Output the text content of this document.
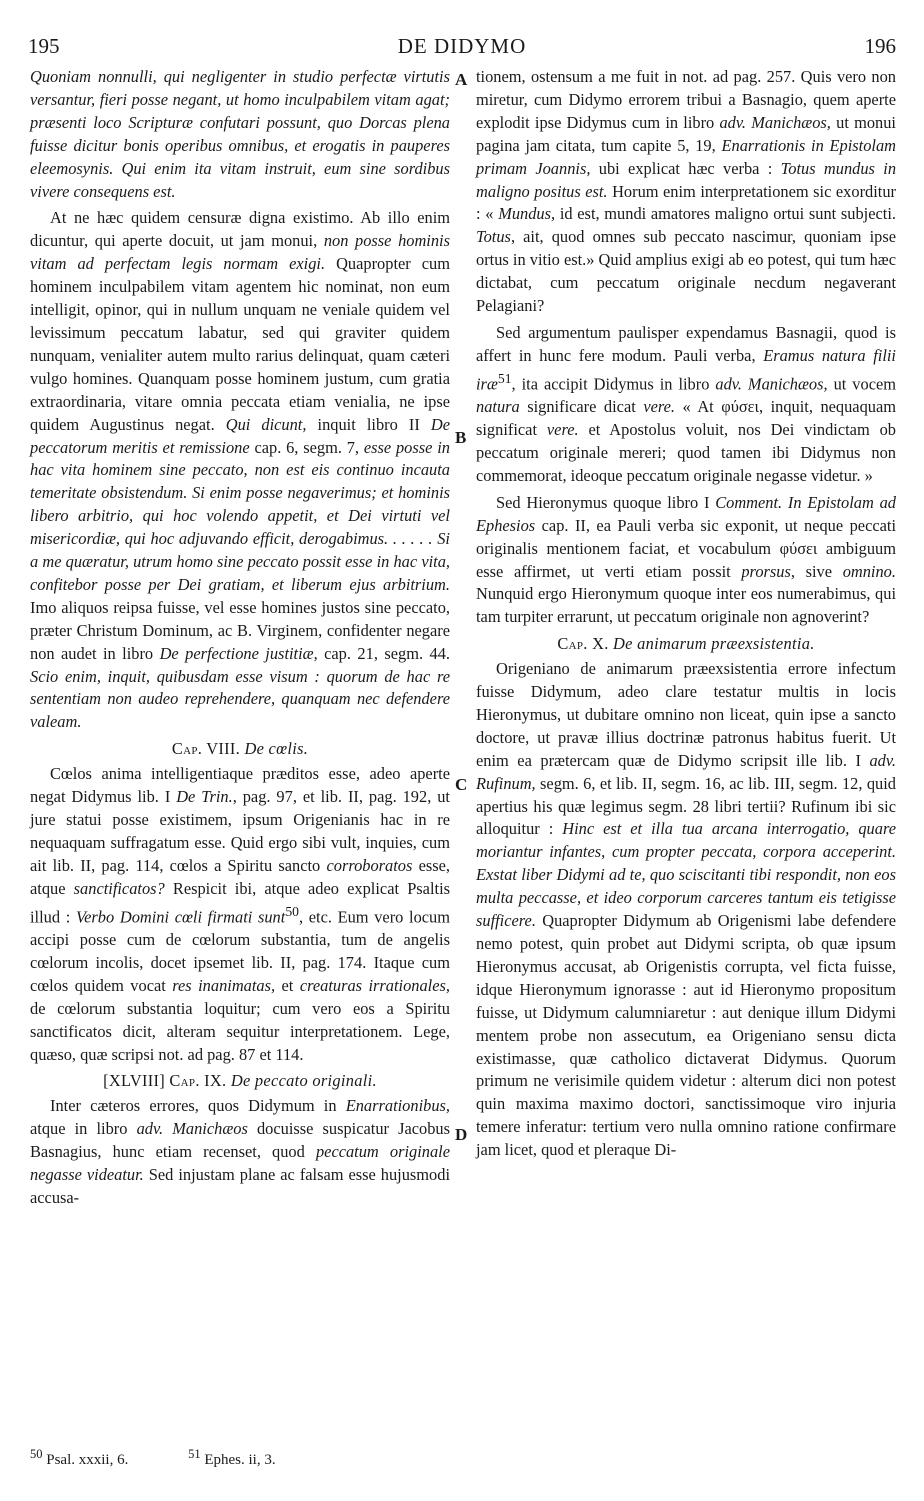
195	DE DIDYMO	196
A
B
C
D

Quoniam nonnulli, qui negligenter in studio perfectæ virtutis versantur, fieri posse negant, ut homo inculpabilem vitam agat; præsenti loco Scripturæ confutari possunt, quo Dorcas plena fuisse dicitur bonis operibus omnibus, et erogatis in pauperes eleemosynis. Qui enim ita vitam instruit, eum sine sordibus vivere consequens est.

At ne hæc quidem censuræ digna existimo. Ab illo enim dicuntur, qui aperte docuit, ut jam monui, non posse hominis vitam ad perfectam legis normam exigi. Quapropter cum hominem inculpabilem vitam agentem hic nominat, non eum intelligit, opinor, qui in nullum unquam ne veniale quidem vel levissimum peccatum labatur, sed qui graviter quidem nunquam, venialiter autem multo rarius delinquat, quam cæteri vulgo homines. Quanquam posse hominem justum, cum gratia extraordinaria, vitare omnia peccata etiam venialia, ne ipse quidem Augustinus negat. Qui dicunt, inquit libro II De peccatorum meritis et remissione cap. 6, segm. 7, esse posse in hac vita hominem sine peccato, non est eis continuo incauta temeritate obsistendum. Si enim posse negaverimus; et hominis libero arbitrio, qui hoc volendo appetit, et Dei virtuti vel misericordiæ, qui hoc adjuvando efficit, derogabimus. . . . . . Si a me quæratur, utrum homo sine peccato possit esse in hac vita, confitebor posse per Dei gratiam, et liberum ejus arbitrium. Imo aliquos reipsa fuisse, vel esse homines justos sine peccato, præter Christum Dominum, ac B. Virginem, confidenter negare non audet in libro De perfectione justitiæ, cap. 21, segm. 44. Scio enim, inquit, quibusdam esse visum : quorum de hac re sententiam non audeo reprehendere, quanquam nec defendere valeam.

Cap. VIII. De cœlis.

Cœlos anima intelligentiaque præditos esse, adeo aperte negat Didymus lib. I De Trin., pag. 97, et lib. II, pag. 192, ut jure statui posse existimem, ipsum Origenianis hac in re nequaquam suffragatum esse. Quid ergo sibi vult, inquies, cum ait lib. II, pag. 114, cœlos a Spiritu sancto corroboratos esse, atque sanctificatos? Respicit ibi, atque adeo explicat Psaltis illud : Verbo Domini cœli firmati sunt$^{50}$, etc. Eum vero locum accipi posse cum de cœlorum substantia, tum de angelis cœlorum incolis, docet ipsemet lib. II, pag. 174. Itaque cum cœlos quidem vocat res inanimatas, et creaturas irrationales, de cœlorum substantia loquitur; cum vero eos a Spiritu sanctificatos dicit, alteram sequitur interpretationem. Lege, quæso, quæ scripsi not. ad pag. 87 et 114.

[XLVIII] Cap. IX. De peccato originali.

Inter cæteros errores, quos Didymum in Enarrationibus, atque in libro adv. Manichæos docuisse suspicatur Jacobus Basnagius, hunc etiam recenset, quod peccatum originale negasse videatur. Sed injustam plane ac falsam esse hujusmodi accusa-

tionem, ostensum a me fuit in not. ad pag. 257. Quis vero non miretur, cum Didymo errorem tribui a Basnagio, quem aperte explodit ipse Didymus cum in libro adv. Manichæos, ut monui pagina jam citata, tum capite 5, 19, Enarrationis in Epistolam primam Joannis, ubi explicat hæc verba : Totus mundus in maligno positus est. Horum enim interpretationem sic exorditur : « Mundus, id est, mundi amatores maligno ortui sunt subjecti. Totus, ait, quod omnes sub peccato nascimur, quoniam ipse ortus in vitio est.» Quid amplius exigi ab eo potest, qui tum hæc dictabat, cum peccatum originale necdum negaverant Pelagiani?

Sed argumentum paulisper expendamus Basnagii, quod is affert in hunc fere modum. Pauli verba, Eramus natura filii iræ$^{51}$, ita accipit Didymus in libro adv. Manichæos, ut vocem natura significare dicat vere. « At φύσει, inquit, nequaquam significat vere. et Apostolus voluit, nos Dei vindictam ob peccatum originale mereri; quod tamen ibi Didymus non commemorat, ideoque peccatum originale negasse videtur. »

Sed Hieronymus quoque libro I Comment. In Epistolam ad Ephesios cap. II, ea Pauli verba sic exponit, ut neque peccati originalis mentionem faciat, et vocabulum φύσει ambiguum esse affirmet, ut verti etiam possit prorsus, sive omnino. Nunquid ergo Hieronymum quoque inter eos numerabimus, qui tam turpiter errarunt, ut peccatum originale non agnoverint?

Cap. X. De animarum præexsistentia.

Origeniano de animarum præexsistentia errore infectum fuisse Didymum, adeo clare testatur multis in locis Hieronymus, ut dubitare omnino non liceat, quin ipse a sancto doctore, ut pravæ illius doctrinæ patronus habitus fuerit. Ut enim ea prætercam quæ de Didymo scripsit ille lib. I adv. Rufinum, segm. 6, et lib. II, segm. 16, ac lib. III, segm. 12, quid apertius his quæ legimus segm. 28 libri tertii? Rufinum ibi sic alloquitur : Hinc est et illa tua arcana interrogatio, quare moriantur infantes, cum propter peccata, corpora acceperint. Exstat liber Didymi ad te, quo sciscitanti tibi respondit, non eos multa peccasse, et ideo corporum carceres tantum eis tetigisse sufficere. Quapropter Didymum ab Origenismi labe defendere nemo potest, quin probet aut Didymi scripta, ob quæ ipsum Hieronymus accusat, ab Origenistis corrupta, vel ficta fuisse, idque Hieronymum ignorasse : aut id Hieronymo propositum fuisse, ut Didymum calumniaretur : aut denique illum Didymi mentem probe non assecutum, ea Origeniano sensu dicta existimasse, quæ catholico dictaverat Didymus. Quorum primum ne verisimile quidem videtur : alterum dici non potest quin maxima maximo doctori, sanctissimoque viro injuria temere inferatur: tertium vero nulla omnino ratione confirmare jam licet, quod et pleraque Di-

$^{50}$ Psal. xxxii, 6.	$^{51}$ Ephes. ii, 3.
